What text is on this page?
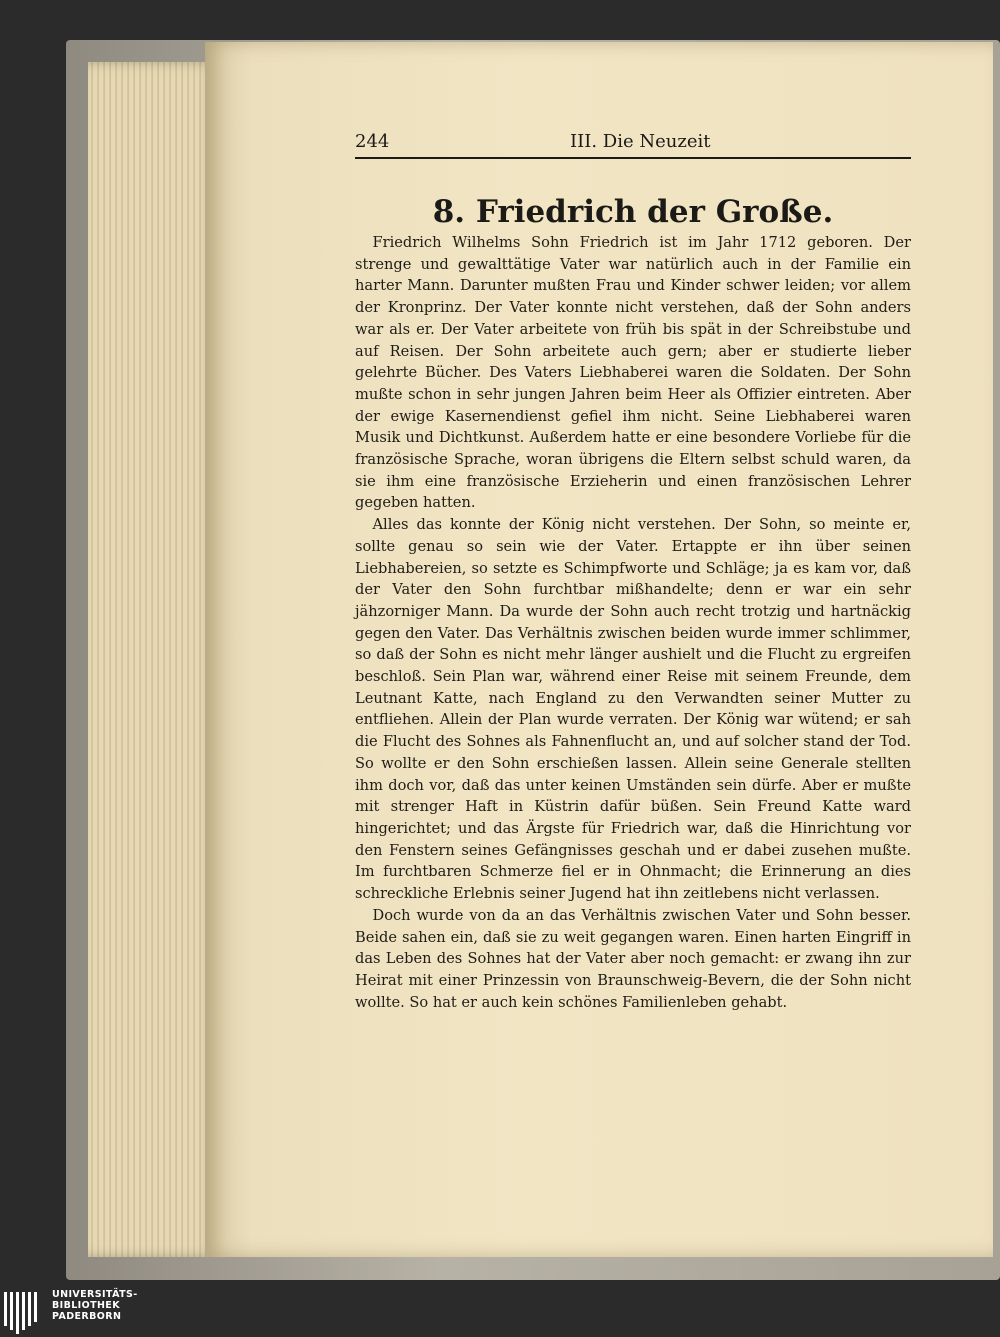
244	III. Die Neuzeit
8. Friedrich der Große.

Friedrich Wilhelms Sohn Friedrich ist im Jahr 1712 geboren. Der strenge und gewalttätige Vater war natürlich auch in der Familie ein harter Mann. Darunter mußten Frau und Kinder schwer leiden; vor allem der Kronprinz. Der Vater konnte nicht verstehen, daß der Sohn anders war als er. Der Vater arbeitete von früh bis spät in der Schreibstube und auf Reisen. Der Sohn arbeitete auch gern; aber er studierte lieber gelehrte Bücher. Des Vaters Liebhaberei waren die Soldaten. Der Sohn mußte schon in sehr jungen Jahren beim Heer als Offizier eintreten. Aber der ewige Kasernendienst gefiel ihm nicht. Seine Liebhaberei waren Musik und Dichtkunst. Außerdem hatte er eine besondere Vorliebe für die französische Sprache, woran übrigens die Eltern selbst schuld waren, da sie ihm eine französische Erzieherin und einen französischen Lehrer gegeben hatten.

Alles das konnte der König nicht verstehen. Der Sohn, so meinte er, sollte genau so sein wie der Vater. Ertappte er ihn über seinen Liebhabereien, so setzte es Schimpfworte und Schläge; ja es kam vor, daß der Vater den Sohn furchtbar mißhandelte; denn er war ein sehr jähzorniger Mann. Da wurde der Sohn auch recht trotzig und hartnäckig gegen den Vater. Das Verhältnis zwischen beiden wurde immer schlimmer, so daß der Sohn es nicht mehr länger aushielt und die Flucht zu ergreifen beschloß. Sein Plan war, während einer Reise mit seinem Freunde, dem Leutnant Katte, nach England zu den Verwandten seiner Mutter zu entfliehen. Allein der Plan wurde verraten. Der König war wütend; er sah die Flucht des Sohnes als Fahnenflucht an, und auf solcher stand der Tod. So wollte er den Sohn erschießen lassen. Allein seine Generale stellten ihm doch vor, daß das unter keinen Umständen sein dürfe. Aber er mußte mit strenger Haft in Küstrin dafür büßen. Sein Freund Katte ward hingerichtet; und das Ärgste für Friedrich war, daß die Hinrichtung vor den Fenstern seines Gefängnisses geschah und er dabei zusehen mußte. Im furchtbaren Schmerze fiel er in Ohnmacht; die Erinnerung an dies schreckliche Erlebnis seiner Jugend hat ihn zeitlebens nicht verlassen.

Doch wurde von da an das Verhältnis zwischen Vater und Sohn besser. Beide sahen ein, daß sie zu weit gegangen waren. Einen harten Eingriff in das Leben des Sohnes hat der Vater aber noch gemacht: er zwang ihn zur Heirat mit einer Prinzessin von Braunschweig-Bevern, die der Sohn nicht wollte. So hat er auch kein schönes Familienleben gehabt.

UNIVERSITÄTS-
BIBLIOTHEK
PADERBORN
